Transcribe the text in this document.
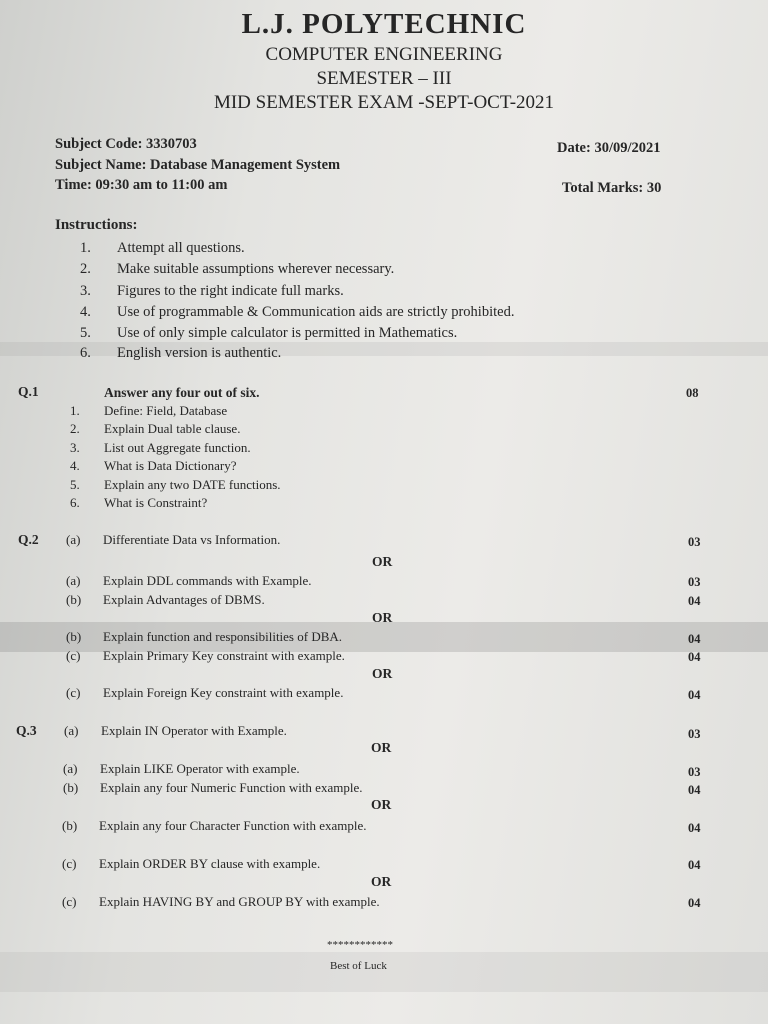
L.J. POLYTECHNIC
COMPUTER ENGINEERING
SEMESTER – III
MID SEMESTER EXAM -SEPT-OCT-2021
Subject Code: 3330703	Date: 30/09/2021
Subject Name: Database Management System
Time: 09:30 am to 11:00 am	Total Marks: 30
Instructions:
1. Attempt all questions.
2. Make suitable assumptions wherever necessary.
3. Figures to the right indicate full marks.
4. Use of programmable & Communication aids are strictly prohibited.
5. Use of only simple calculator is permitted in Mathematics.
6. English version is authentic.
Q.1	Answer any four out of six.	08
1. Define: Field, Database
2. Explain Dual table clause.
3. List out Aggregate function.
4. What is Data Dictionary?
5. Explain any two DATE functions.
6. What is Constraint?
Q.2 (a) Differentiate Data vs Information.	03
OR
(a) Explain DDL commands with Example.	03
(b) Explain Advantages of DBMS.	04
OR
(b) Explain function and responsibilities of DBA.	04
(c) Explain Primary Key constraint with example.	04
OR
(c) Explain Foreign Key constraint with example.	04
Q.3 (a) Explain IN Operator with Example.	03
OR
(a) Explain LIKE Operator with example.	03
(b) Explain any four Numeric Function with example.	04
OR
(b) Explain any four Character Function with example.	04
(c) Explain ORDER BY clause with example.	04
OR
(c) Explain HAVING BY and GROUP BY with example.	04
************
Best of Luck
